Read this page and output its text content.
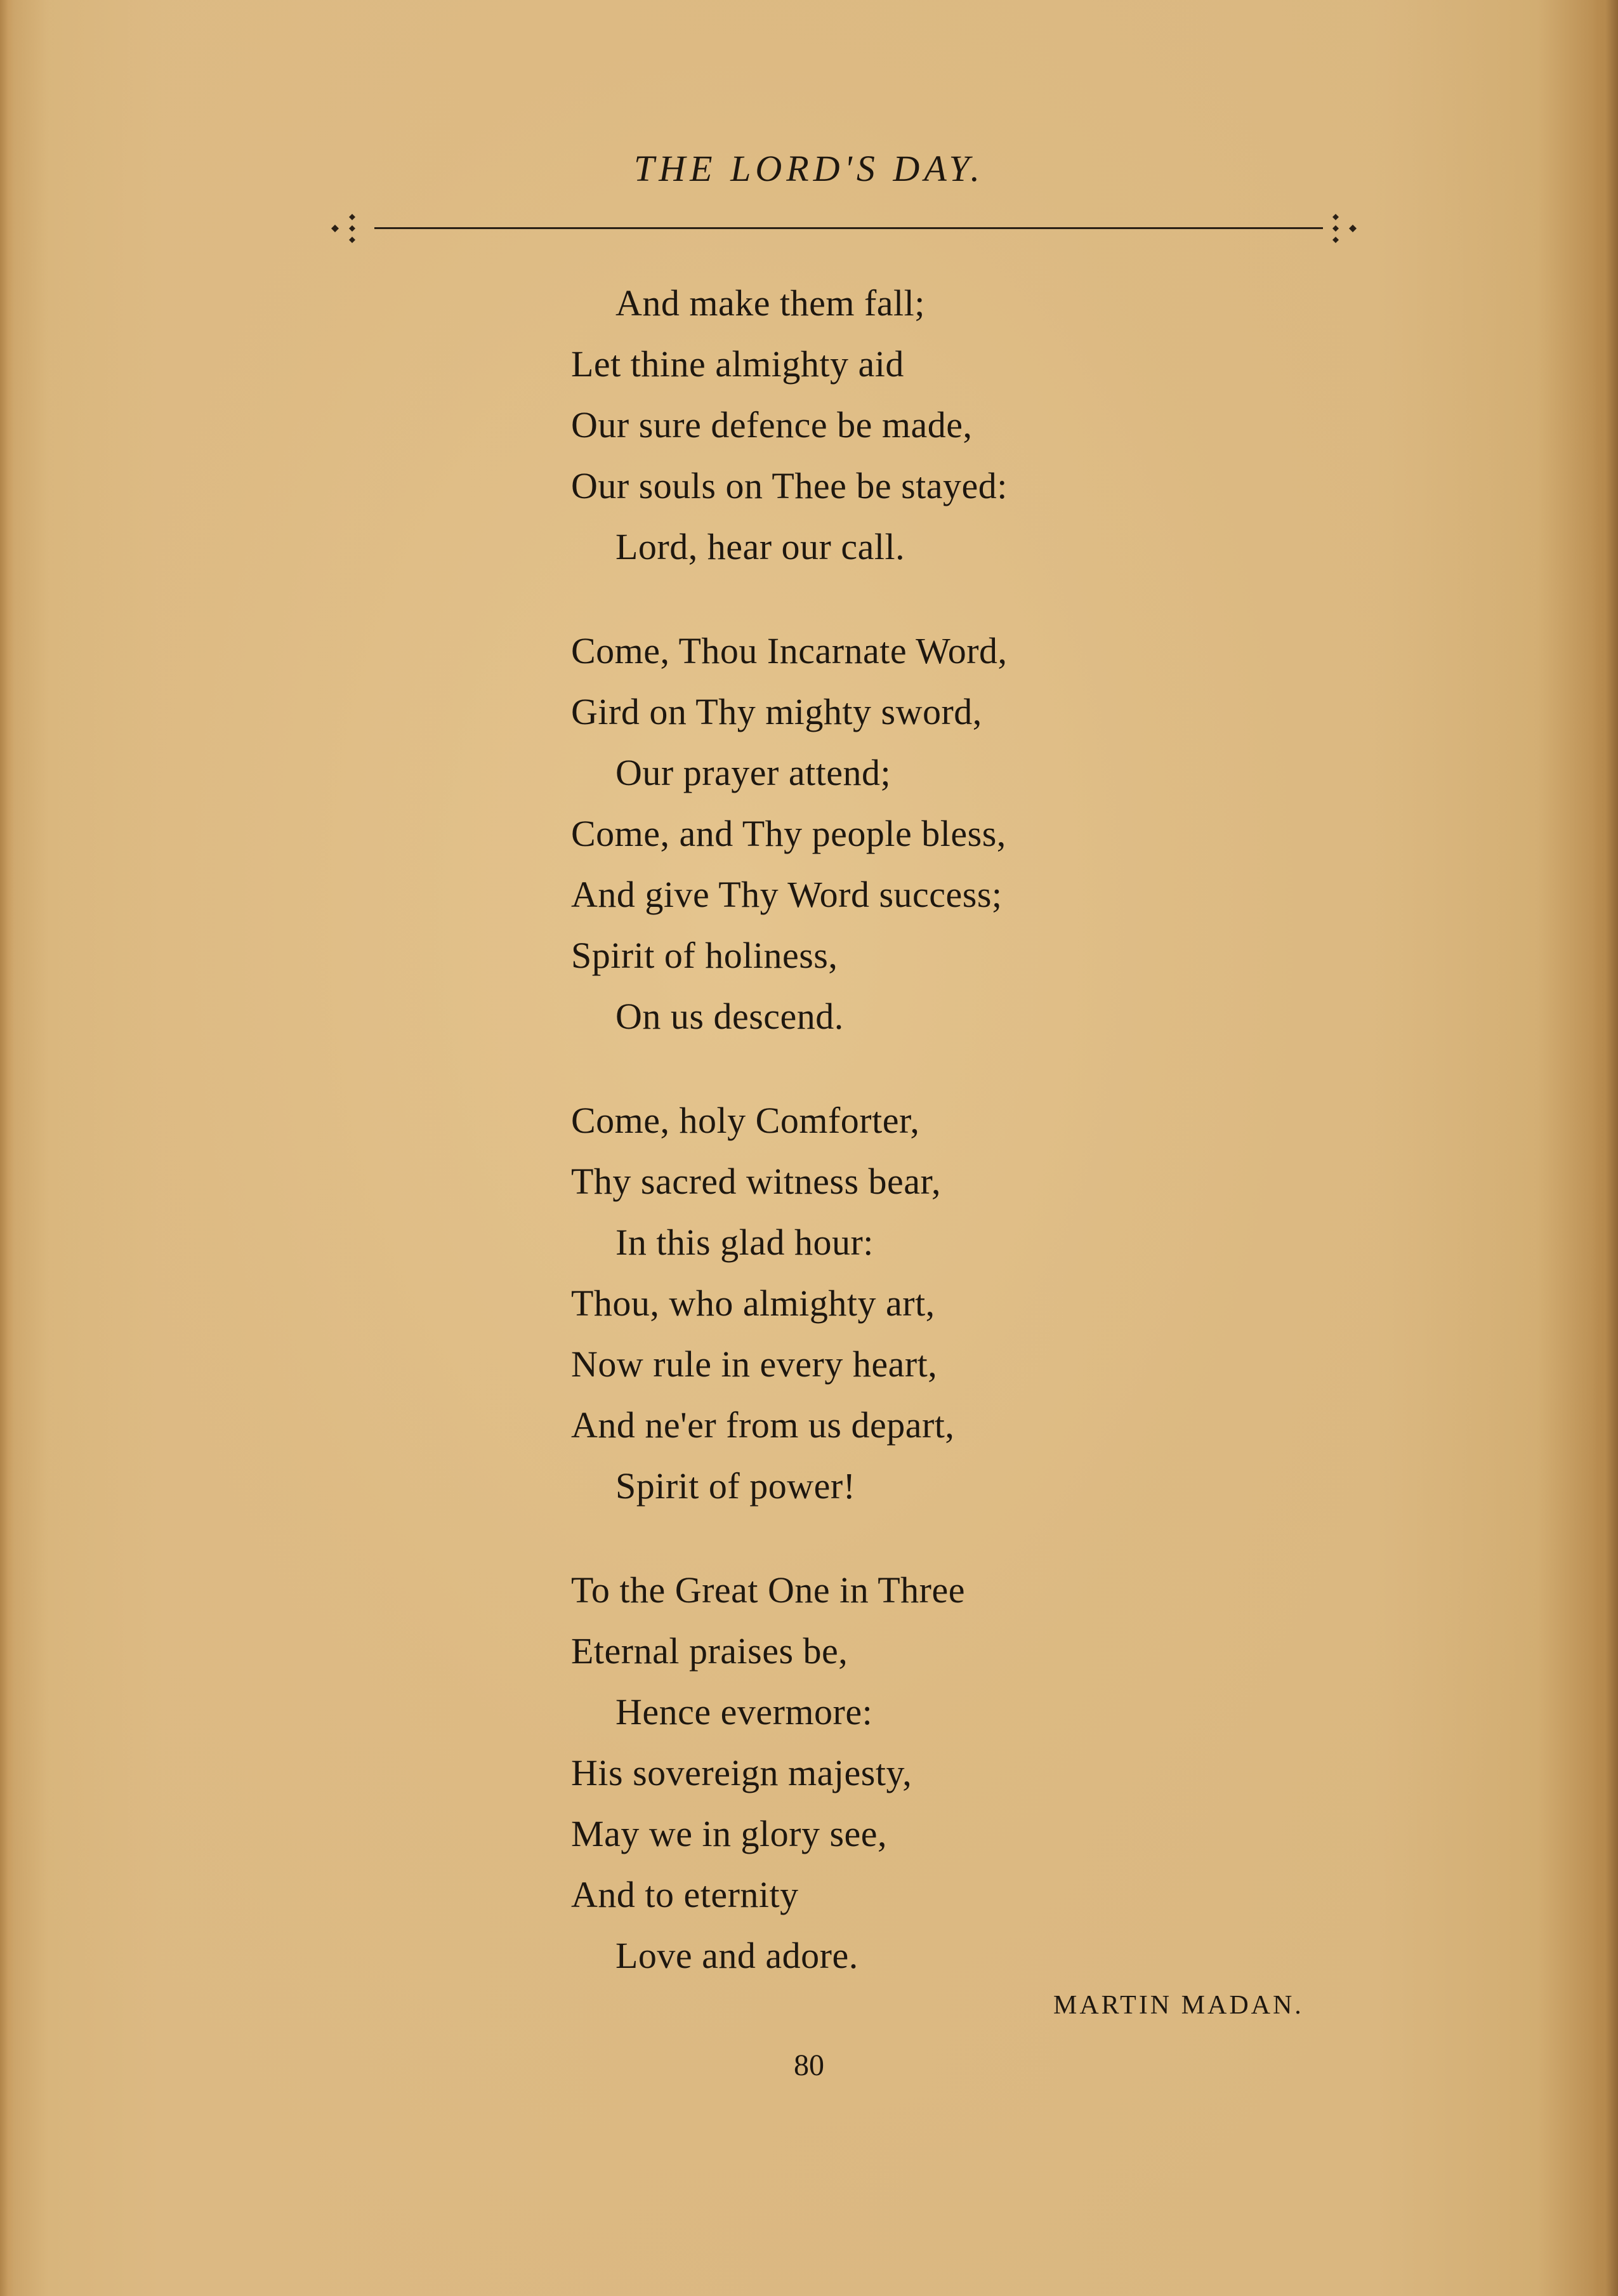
THE LORD'S DAY.
And make them fall;
Let thine almighty aid
Our sure defence be made,
Our souls on Thee be stayed:
Lord, hear our call.
Come, Thou Incarnate Word,
Gird on Thy mighty sword,
Our prayer attend;
Come, and Thy people bless,
And give Thy Word success;
Spirit of holiness,
On us descend.
Come, holy Comforter,
Thy sacred witness bear,
In this glad hour:
Thou, who almighty art,
Now rule in every heart,
And ne'er from us depart,
Spirit of power!
To the Great One in Three
Eternal praises be,
Hence evermore:
His sovereign majesty,
May we in glory see,
And to eternity
Love and adore.
MARTIN MADAN.
80
